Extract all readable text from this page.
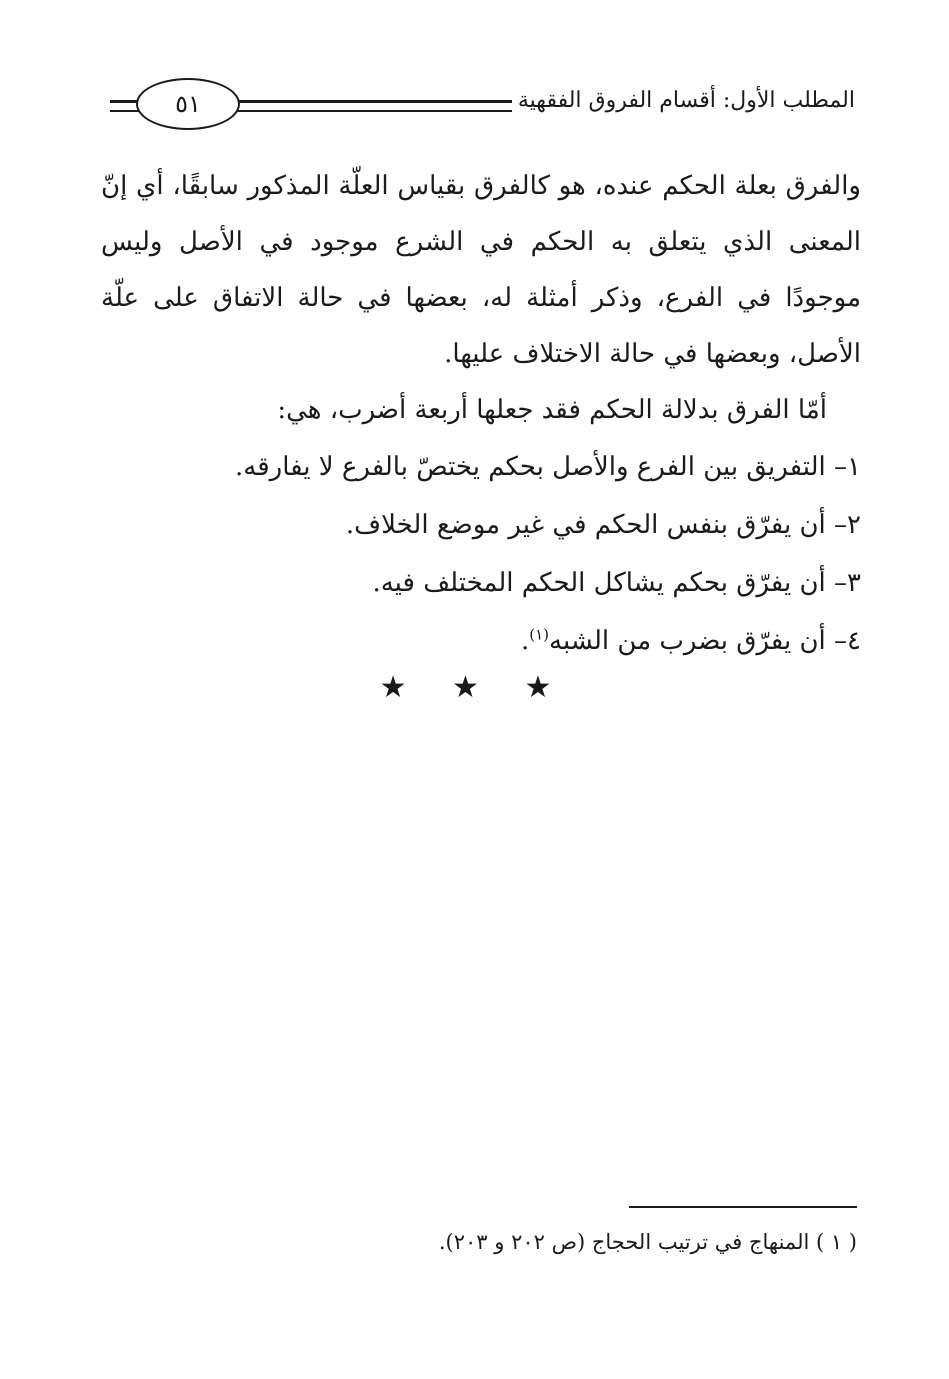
المطلب الأول: أقسام الفروق الفقهية
٥١

والفرق بعلة الحكم عنده، هو كالفرق بقياس العلّة المذكور سابقًا، أي إنّ المعنى الذي يتعلق به الحكم في الشرع موجود في الأصل وليس موجودًا في الفرع، وذكر أمثلة له، بعضها في حالة الاتفاق على علّة الأصل، وبعضها في حالة الاختلاف عليها.

أمّا الفرق بدلالة الحكم فقد جعلها أربعة أضرب، هي:

١– التفريق بين الفرع والأصل بحكم يختصّ بالفرع لا يفارقه.

٢– أن يفرّق بنفس الحكم في غير موضع الخلاف.

٣– أن يفرّق بحكم يشاكل الحكم المختلف فيه.

٤– أن يفرّق بضرب من الشبه$^{(١)}$.

★ ★ ★
( ١ ) المنهاج في ترتيب الحجاج (ص ٢٠٢ و ٢٠٣).
